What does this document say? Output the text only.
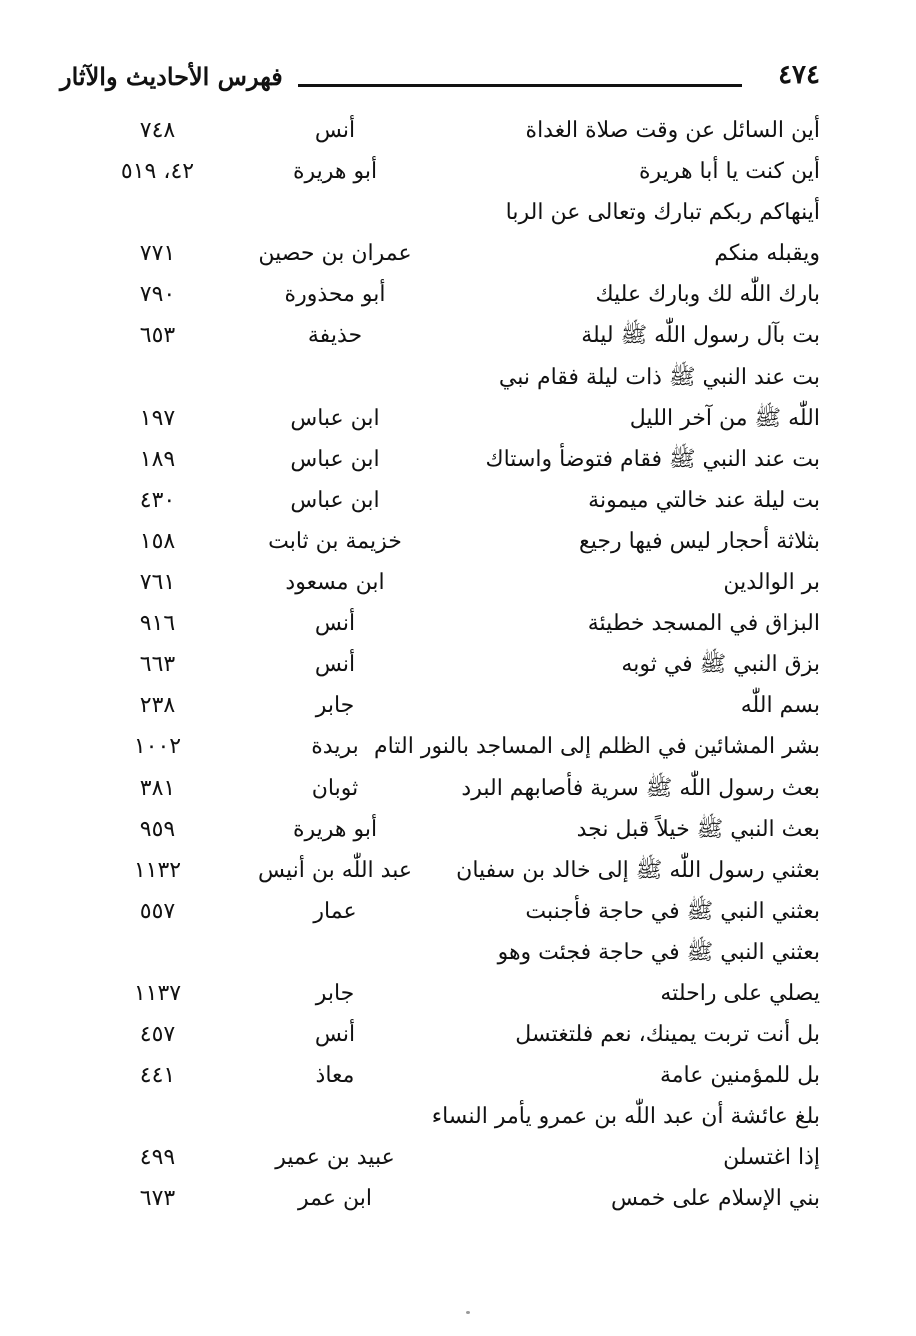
٤٧٤
فهرس الأحاديث والآثار
أين السائل عن وقت صلاة الغداة
أنس
٧٤٨
أين كنت يا أبا هريرة
أبو هريرة
٤٢، ٥١٩
أينهاكم ربكم تبارك وتعالى عن الربا
ويقبله منكم
عمران بن حصين
٧٧١
بارك اللّٰه لك وبارك عليك
أبو محذورة
٧٩٠
بت بآل رسول اللّٰه ﷺ ليلة
حذيفة
٦٥٣
بت عند النبي ﷺ ذات ليلة فقام نبي
اللّٰه ﷺ من آخر الليل
ابن عباس
١٩٧
بت عند النبي ﷺ فقام فتوضأ واستاك
ابن عباس
١٨٩
بت ليلة عند خالتي ميمونة
ابن عباس
٤٣٠
بثلاثة أحجار ليس فيها رجيع
خزيمة بن ثابت
١٥٨
بر الوالدين
ابن مسعود
٧٦١
البزاق في المسجد خطيئة
أنس
٩١٦
بزق النبي ﷺ في ثوبه
أنس
٦٦٣
بسم اللّٰه
جابر
٢٣٨
بشر المشائين في الظلم إلى المساجد بالنور التام
بريدة
١٠٠٢
بعث رسول اللّٰه ﷺ سرية فأصابهم البرد
ثوبان
٣٨١
بعث النبي ﷺ خيلاً قبل نجد
أبو هريرة
٩٥٩
بعثني رسول اللّٰه ﷺ إلى خالد بن سفيان
عبد اللّٰه بن أنيس
١١٣٢
بعثني النبي ﷺ في حاجة فأجنبت
عمار
٥٥٧
بعثني النبي ﷺ في حاجة فجئت وهو
يصلي على راحلته
جابر
١١٣٧
بل أنت تربت يمينك، نعم فلتغتسل
أنس
٤٥٧
بل للمؤمنين عامة
معاذ
٤٤١
بلغ عائشة أن عبد اللّٰه بن عمرو يأمر النساء
إذا اغتسلن
عبيد بن عمير
٤٩٩
بني الإسلام على خمس
ابن عمر
٦٧٣
